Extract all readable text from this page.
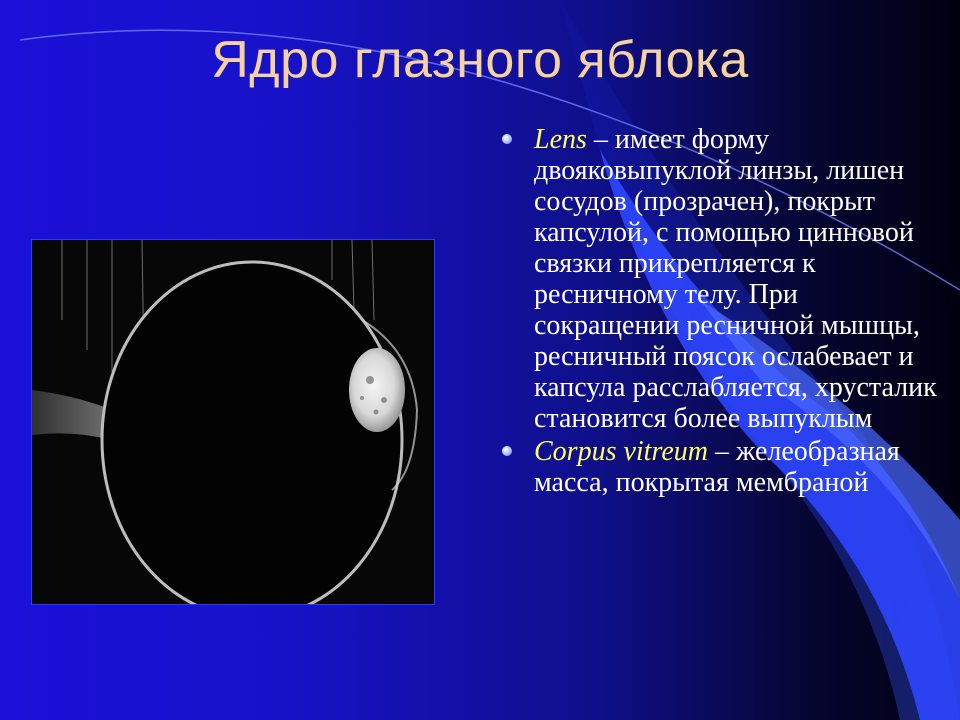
Ядро глазного яблока
Lens – имеет форму двояковыпуклой линзы, лишен сосудов (прозрачен), покрыт капсулой, с помощью цинновой связки прикрепляется к ресничному телу. При сокращении ресничной мышцы, ресничный поясок ослабевает и капсула расслабляется, хрусталик становится более выпуклым
Corpus vitreum – желеобразная масса, покрытая мембраной
